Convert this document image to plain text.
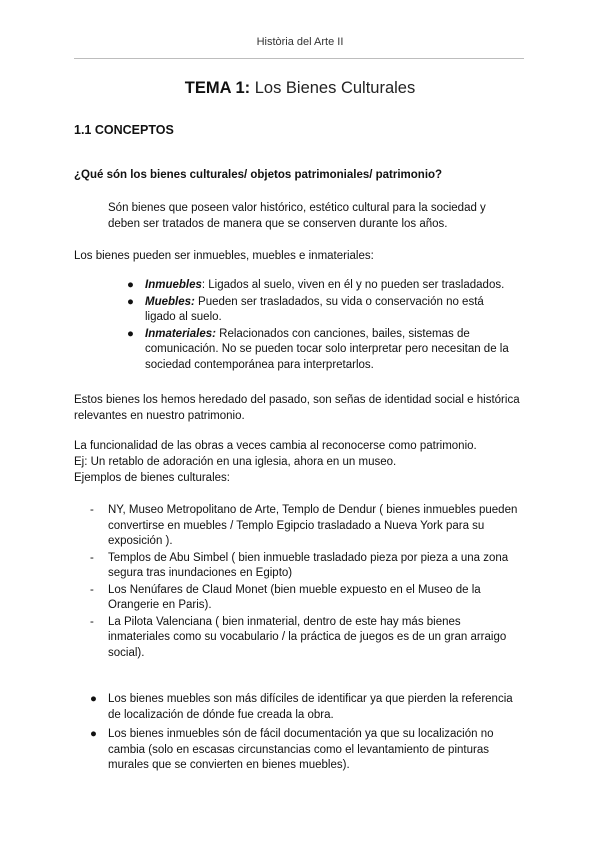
Història del Arte II
TEMA 1: Los Bienes Culturales
1.1 CONCEPTOS
¿Qué són los bienes culturales/ objetos patrimoniales/ patrimonio?
Són bienes que poseen valor histórico, estético cultural para la sociedad y deben ser tratados de manera que se conserven durante los años.
Los bienes pueden ser inmuebles, muebles e inmateriales:
● Inmuebles: Ligados al suelo, viven en él y no pueden ser trasladados.
● Muebles: Pueden ser trasladados, su vida o conservación no está ligado al suelo.
● Inmateriales: Relacionados con canciones, bailes, sistemas de comunicación. No se pueden tocar solo interpretar pero necesitan de la sociedad contemporánea para interpretarlos.
Estos bienes los hemos heredado del pasado, son señas de identidad social e histórica relevantes en nuestro patrimonio.
La funcionalidad de las obras a veces cambia al reconocerse como patrimonio.
Ej: Un retablo de adoración en una iglesia, ahora en un museo.
Ejemplos de bienes culturales:
- NY, Museo Metropolitano de Arte, Templo de Dendur ( bienes inmuebles pueden convertirse en muebles / Templo Egipcio trasladado a Nueva York para su exposición ).
- Templos de Abu Simbel ( bien inmueble trasladado pieza por pieza a una zona segura tras inundaciones en Egipto)
- Los Nenúfares de Claud Monet (bien mueble expuesto en el Museo de la Orangerie en Paris).
- La Pilota Valenciana ( bien inmaterial, dentro de este hay más bienes inmateriales como su vocabulario / la práctica de juegos es de un gran arraigo social).
● Los bienes muebles son más difíciles de identificar ya que pierden la referencia de localización de dónde fue creada la obra.
● Los bienes inmuebles són de fácil documentación ya que su localización no cambia (solo en escasas circunstancias como el levantamiento de pinturas murales que se convierten en bienes muebles).
